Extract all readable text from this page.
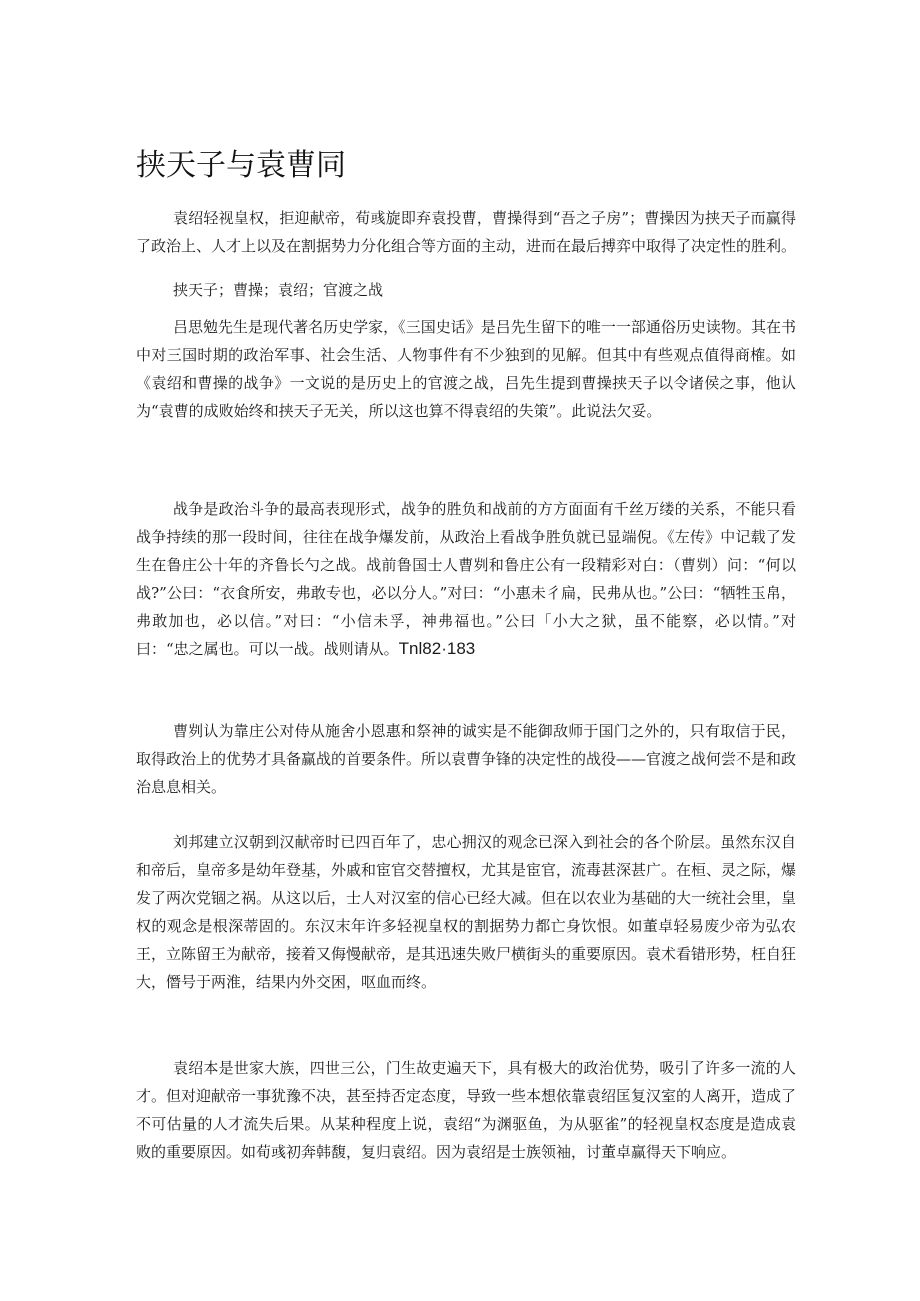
挟天子与袁曹同

袁绍轻视皇权，拒迎献帝，荀彧旋即弃袁投曹，曹操得到“吾之子房”；曹操因为挟天子而赢得了政治上、人才上以及在割据势力分化组合等方面的主动，进而在最后搏弈中取得了决定性的胜利。

挟天子；曹操；袁绍；官渡之战

吕思勉先生是现代著名历史学家，《三国史话》是吕先生留下的唯一一部通俗历史读物。其在书中对三国时期的政治军事、社会生活、人物事件有不少独到的见解。但其中有些观点值得商榷。如《袁绍和曹操的战争》一文说的是历史上的官渡之战，吕先生提到曹操挟天子以令诸侯之事，他认为“袁曹的成败始终和挟天子无关，所以这也算不得袁绍的失策”。此说法欠妥。

战争是政治斗争的最高表现形式，战争的胜负和战前的方方面面有千丝万缕的关系，不能只看战争持续的那一段时间，往往在战争爆发前，从政治上看战争胜负就已显端倪。《左传》中记载了发生在鲁庄公十年的齐鲁长勺之战。战前鲁国士人曹刿和鲁庄公有一段精彩对白：（曹刿）问：“何以战?”公曰：“衣食所安，弗敢专也，必以分人。”对曰：“小惠未彳扁，民弗从也。”公曰：“牺牲玉帛，弗敢加也，必以信。”对曰：“小信未孚，神弗福也。”公曰「小大之狱，虽不能察，必以情。”对曰：“忠之属也。可以一战。战则请从。Tnl82·183

曹刿认为靠庄公对侍从施舍小恩惠和祭神的诚实是不能御敌师于国门之外的，只有取信于民，取得政治上的优势才具备赢战的首要条件。所以袁曹争锋的决定性的战役——官渡之战何尝不是和政治息息相关。

刘邦建立汉朝到汉献帝时已四百年了，忠心拥汉的观念已深入到社会的各个阶层。虽然东汉自和帝后，皇帝多是幼年登基，外戚和宦官交替擅权，尤其是宦官，流毒甚深甚广。在桓、灵之际，爆发了两次党锢之祸。从这以后，士人对汉室的信心已经大减。但在以农业为基础的大一统社会里，皇权的观念是根深蒂固的。东汉末年许多轻视皇权的割据势力都亡身饮恨。如董卓轻易废少帝为弘农王，立陈留王为献帝，接着又侮慢献帝，是其迅速失败尸横街头的重要原因。袁术看错形势，枉自狂大，僭号于两淮，结果内外交困，呕血而终。

袁绍本是世家大族，四世三公，门生故吏遍天下，具有极大的政治优势，吸引了许多一流的人才。但对迎献帝一事犹豫不决，甚至持否定态度，导致一些本想依靠袁绍匡复汉室的人离开，造成了不可估量的人才流失后果。从某种程度上说，袁绍“为渊驱鱼，为从驱雀”的轻视皇权态度是造成袁败的重要原因。如荀彧初奔韩馥，复归袁绍。因为袁绍是士族领袖，讨董卓赢得天下响应。
